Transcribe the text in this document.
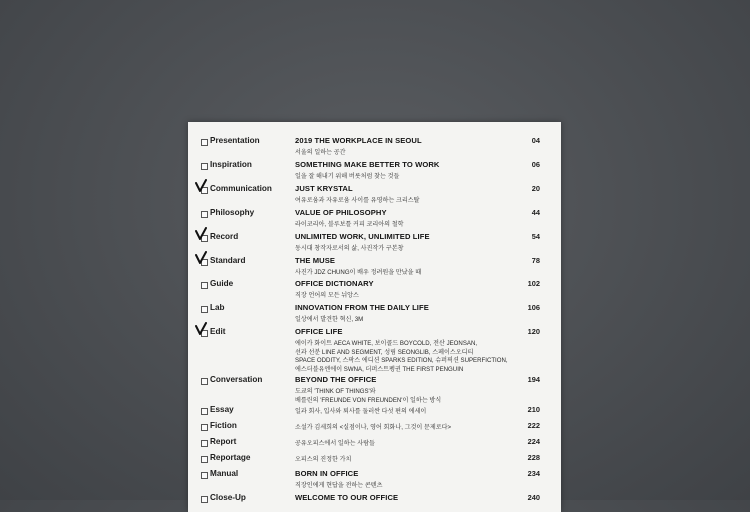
Presentation	2019 THE WORKPLACE IN SEOUL
서울의 일하는 공간
04
Inspiration	SOMETHING MAKE BETTER TO WORK
일을 잘 해내기 위해 버릇처럼 찾는 것들
06
Communication	JUST KRYSTAL
여유로움과 자유로움 사이를 유영하는 크리스탈
20
Philosophy	VALUE OF PHILOSOPHY
라이코리아, 블루보틀 커피 코리아의 철학
44
Record	UNLIMITED WORK, UNLIMITED LIFE
동시대 창작자로서의 삶, 사진작가 구본창
54
Standard	THE MUSE
사진가 JDZ CHUNG이 배우 정려원을 만났을 때
78
Guide	OFFICE DICTIONARY
직장 언어의 모든 뉘앙스
102
Lab	INNOVATION FROM THE DAILY LIFE
일상에서 발견한 혁신, 3M
106
Edit	OFFICE LIFE
에이카 화이트 AECA WHITE, 보이콜드 BOYCOLD, 전산 JEONSAN,
선과 선분 LINE AND SEGMENT, 성림 SEONGLIB, 스페이스오디티
SPACE ODDITY, 스팍스 에디션 SPARKS EDITION, 슈퍼픽션 SUPERFICTION,
에스더블유엔에이 SWNA, 더퍼스트펭귄 THE FIRST PENGUIN
120
Conversation	BEYOND THE OFFICE
도쿄의 'THINK OF THINGS'와
베를린의 'FREUNDE VON FREUNDEN'이 일하는 방식
194
Essay	일과 회사, 입사와 퇴사를 둘러싼 다섯 편의 에세이	210
Fiction	소설가 김세희의 <실점이나, 영어 회화나, 그것이 문제로다>	222
Report	공유오피스에서 일하는 사람들	224
Reportage	오피스의 진정한 가치	228
Manual	BORN IN OFFICE
직장인에게 현답을 전하는 콘텐츠
234
Close-Up	WELCOME TO OUR OFFICE	240
